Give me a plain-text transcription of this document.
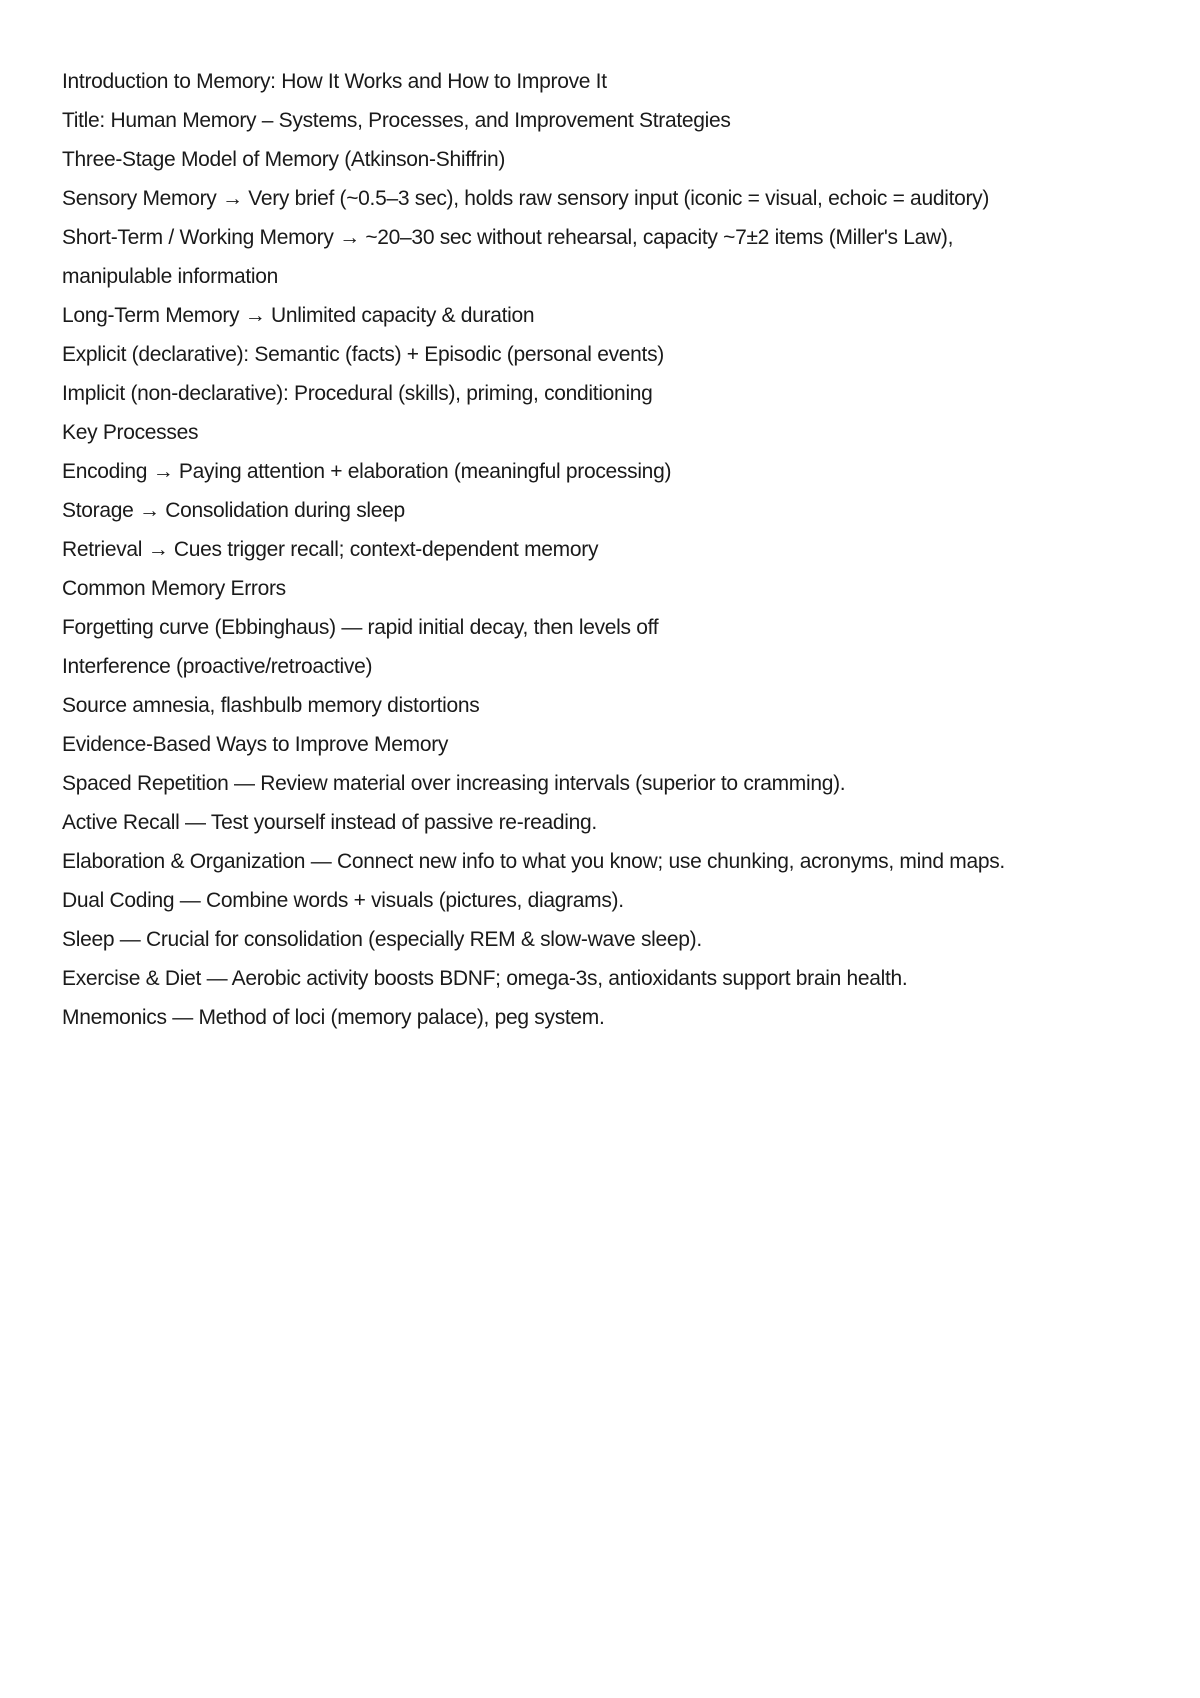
Introduction to Memory: How It Works and How to Improve It
Title: Human Memory – Systems, Processes, and Improvement Strategies
Three-Stage Model of Memory (Atkinson-Shiffrin)
Sensory Memory → Very brief (~0.5–3 sec), holds raw sensory input (iconic = visual, echoic = auditory)
Short-Term / Working Memory → ~20–30 sec without rehearsal, capacity ~7±2 items (Miller's Law),
manipulable information
Long-Term Memory → Unlimited capacity & duration
Explicit (declarative): Semantic (facts) + Episodic (personal events)
Implicit (non-declarative): Procedural (skills), priming, conditioning
Key Processes
Encoding → Paying attention + elaboration (meaningful processing)
Storage → Consolidation during sleep
Retrieval → Cues trigger recall; context-dependent memory
Common Memory Errors
Forgetting curve (Ebbinghaus) — rapid initial decay, then levels off
Interference (proactive/retroactive)
Source amnesia, flashbulb memory distortions
Evidence-Based Ways to Improve Memory
Spaced Repetition — Review material over increasing intervals (superior to cramming).
Active Recall — Test yourself instead of passive re-reading.
Elaboration & Organization — Connect new info to what you know; use chunking, acronyms, mind maps.
Dual Coding — Combine words + visuals (pictures, diagrams).
Sleep — Crucial for consolidation (especially REM & slow-wave sleep).
Exercise & Diet — Aerobic activity boosts BDNF; omega-3s, antioxidants support brain health.
Mnemonics — Method of loci (memory palace), peg system.
